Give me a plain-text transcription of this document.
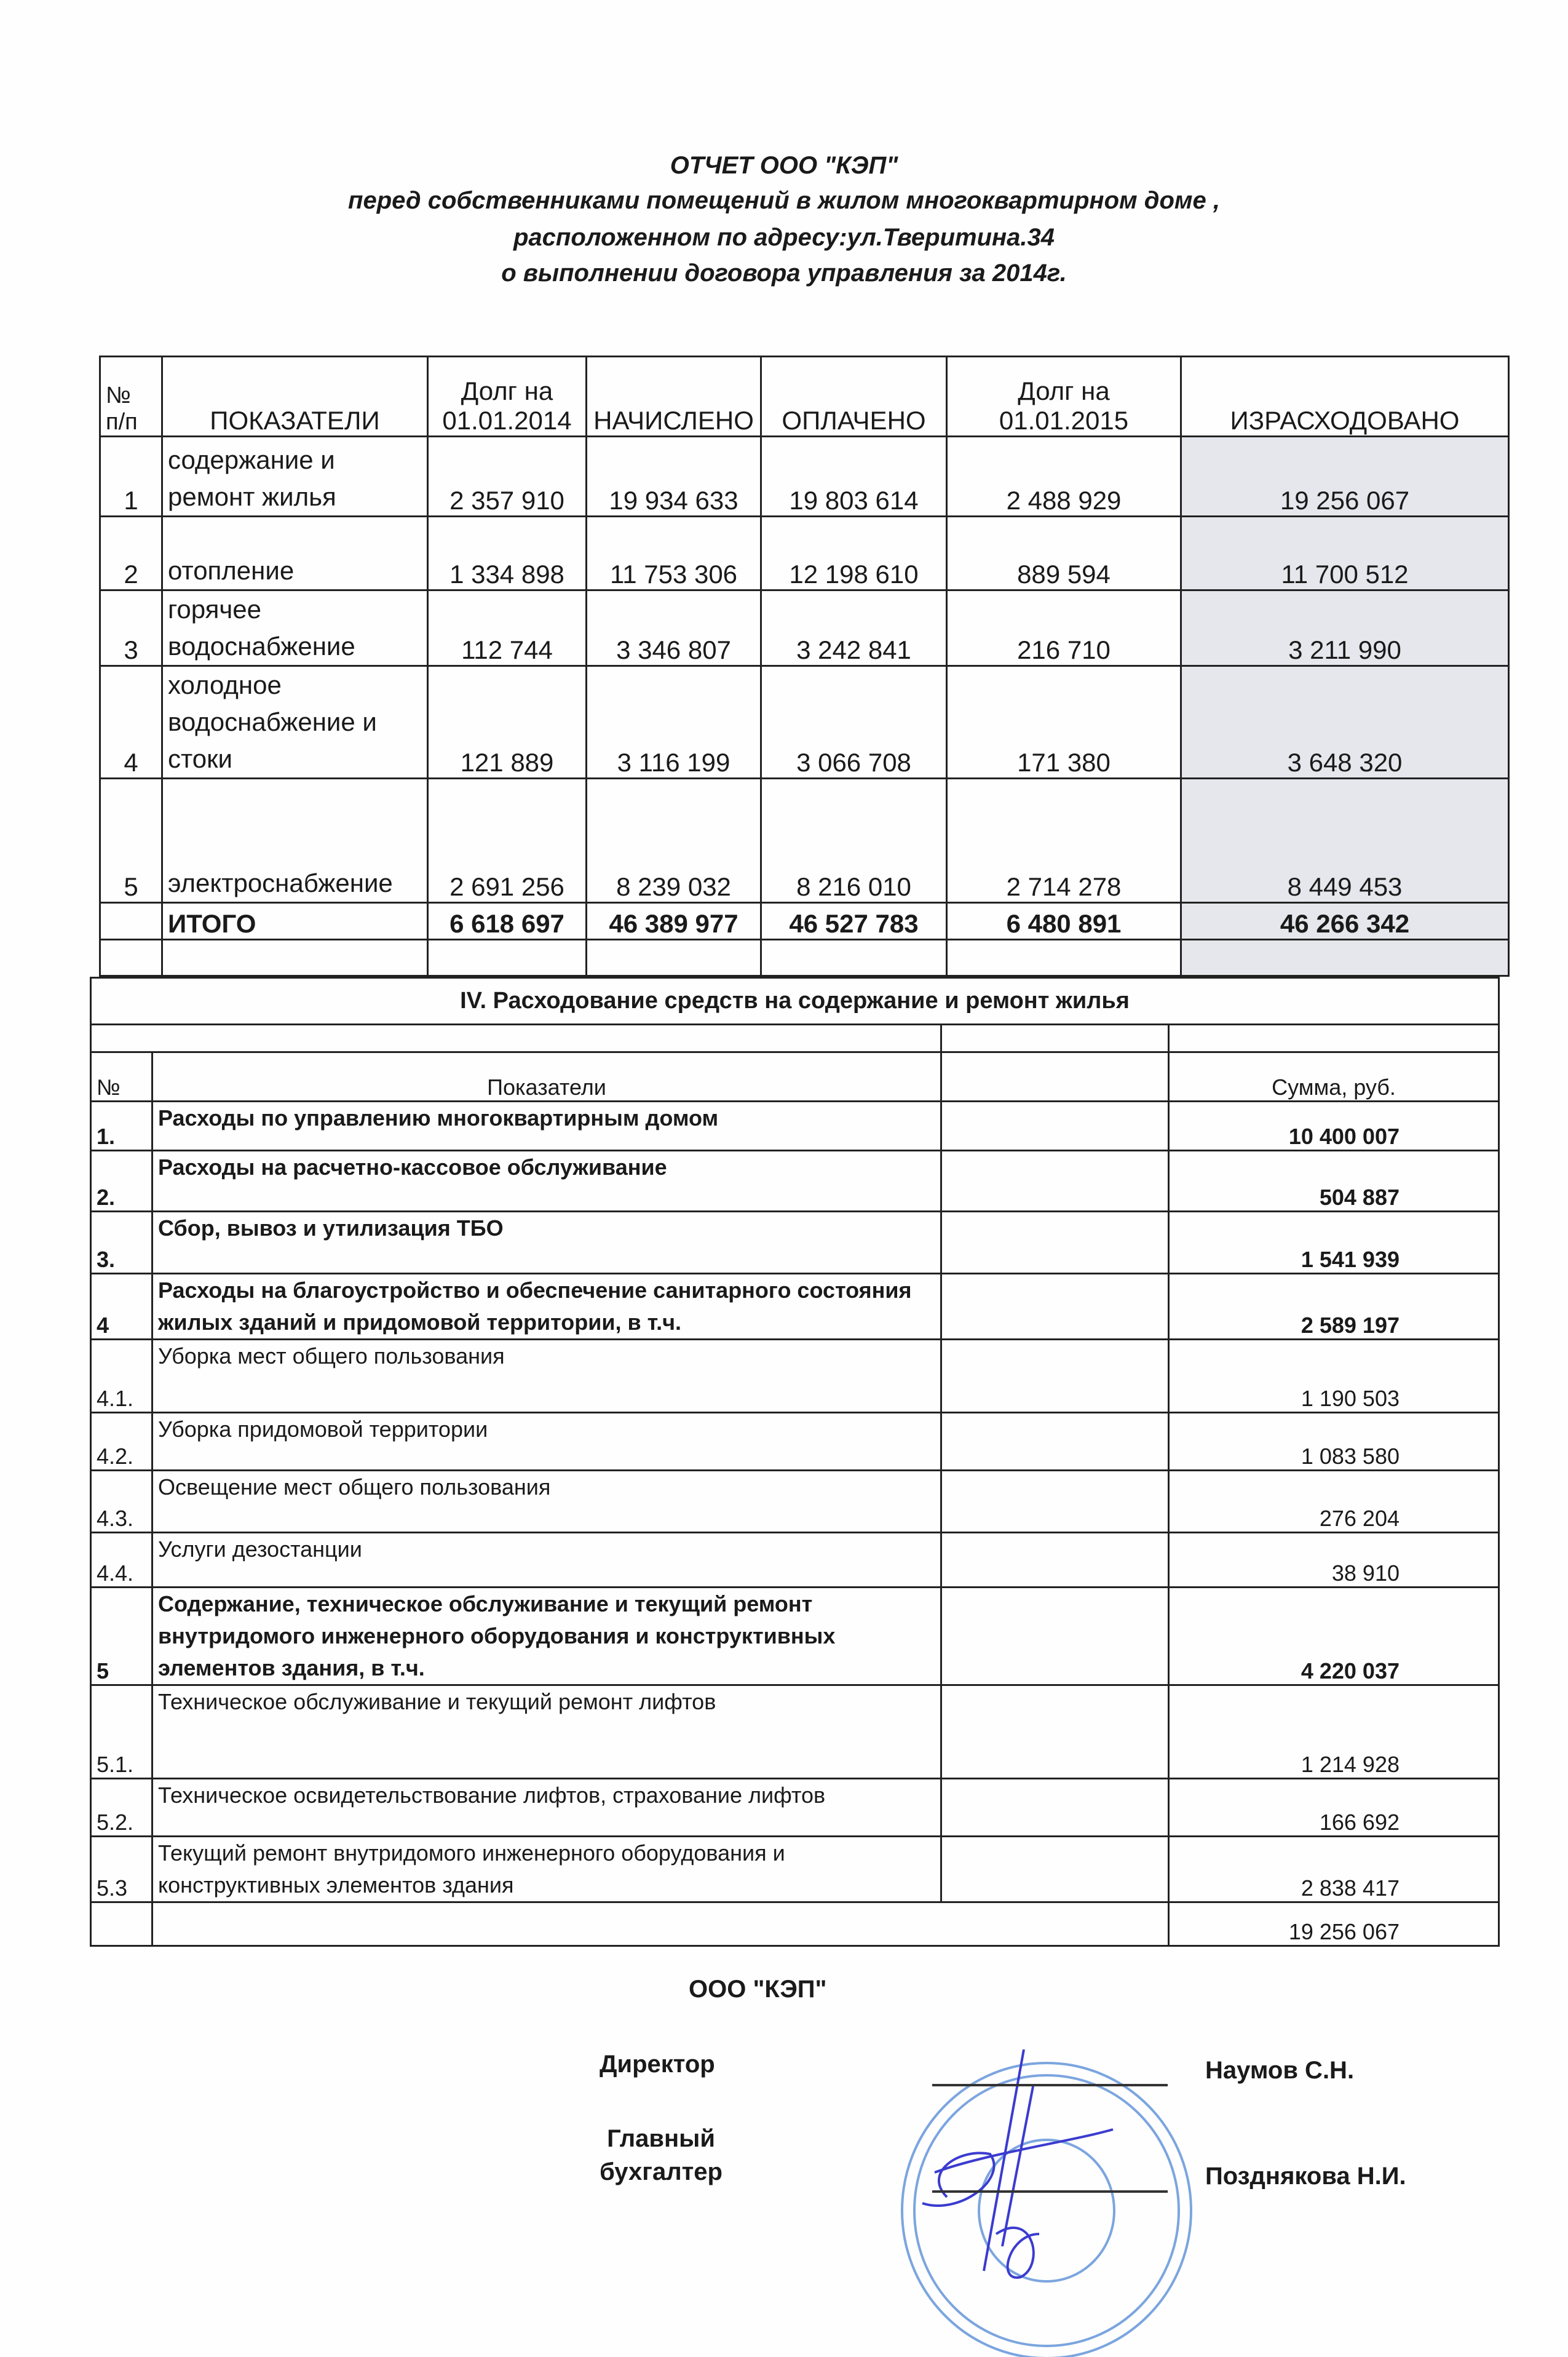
ОТЧЕТ ООО "КЭП"
перед собственниками помещений в жилом многоквартирном доме ,
расположенном по адресу:ул.Тверитина.34
о выполнении договора управления за 2014г.
№ п/п	ПОКАЗАТЕЛИ	Долг на 01.01.2014	НАЧИСЛЕНО	ОПЛАЧЕНО	Долг на 01.01.2015	ИЗРАСХОДОВАНО
1	содержание и ремонт жилья	2 357 910	19 934 633	19 803 614	2 488 929	19 256 067
2	отопление	1 334 898	11 753 306	12 198 610	889 594	11 700 512
3	горячее водоснабжение	112 744	3 346 807	3 242 841	216 710	3 211 990
4	холодное водоснабжение и стоки	121 889	3 116 199	3 066 708	171 380	3 648 320
5	электроснабжение	2 691 256	8 239 032	8 216 010	2 714 278	8 449 453
	ИТОГО	6 618 697	46 389 977	46 527 783	6 480 891	46 266 342

IV. Расходование средств на содержание и ремонт жилья			

№	Показатели		Сумма, руб.
1.	Расходы по управлению многоквартирным домом		10 400 007
2.	Расходы на расчетно-кассовое обслуживание		504 887
3.	Сбор, вывоз и утилизация ТБО		1 541 939
4	Расходы на благоустройство и обеспечение санитарного состояния жилых зданий и придомовой территории, в т.ч.		2 589 197
4.1.	Уборка мест общего пользования		1 190 503
4.2.	Уборка придомовой территории		1 083 580
4.3.	Освещение мест общего пользования		276 204
4.4.	Услуги дезостанции		38 910
5	Содержание, техническое обслуживание и текущий ремонт внутридомого инженерного оборудования и конструктивных элементов здания, в т.ч.		4 220 037
5.1.	Техническое обслуживание и текущий ремонт лифтов		1 214 928
5.2.	Техническое освидетельствование лифтов, страхование лифтов		166 692
5.3	Текущий ремонт внутридомого инженерного оборудования и конструктивных элементов здания		2 838 417
			19 256 067
ООО "КЭП"
Директор
Главный бухгалтер
Наумов С.Н.
Позднякова Н.И.
